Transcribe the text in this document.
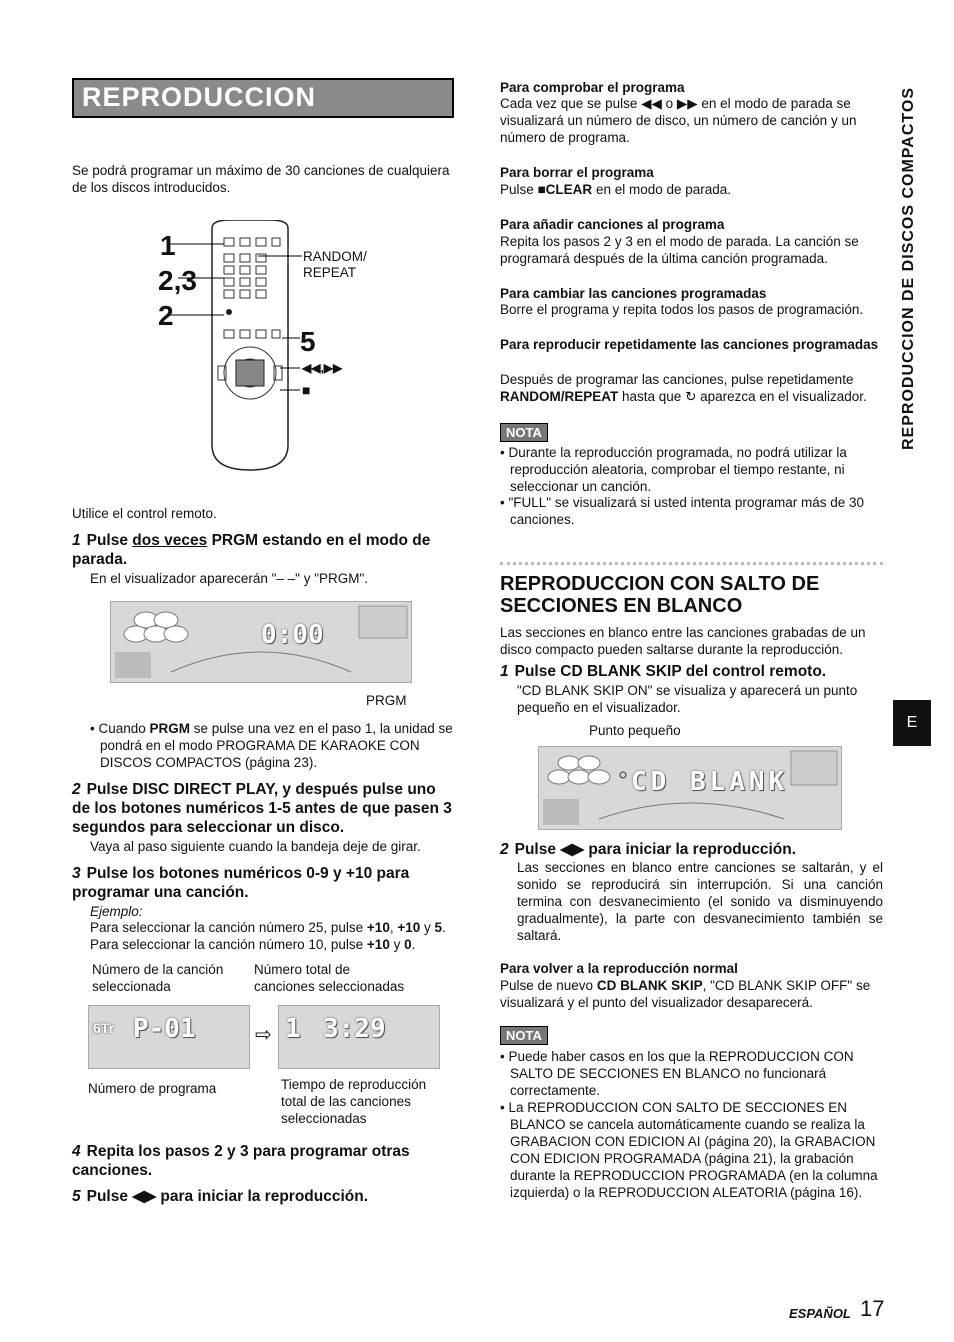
REPRODUCCION PROGRAMADA

Se podrá programar un máximo de 30 canciones de cualquiera de los discos introducidos.

1
2,3
2
5
RANDOM/
REPEAT
◀◀,▶▶
■

Utilice el control remoto.

1 Pulse dos veces PRGM estando en el modo de parada.

En el visualizador aparecerán "– –" y "PRGM".

0:00
PRGM

• Cuando PRGM se pulse una vez en el paso 1, la unidad se pondrá en el modo PROGRAMA DE KARAOKE CON DISCOS COMPACTOS (página 23).

2 Pulse DISC DIRECT PLAY, y después pulse uno de los botones numéricos 1-5 antes de que pasen 3 segundos para seleccionar un disco.

Vaya al paso siguiente cuando la bandeja deje de girar.

3 Pulse los botones numéricos 0-9 y +10 para programar una canción.

Ejemplo:

Para seleccionar la canción número 25, pulse +10, +10 y 5.

Para seleccionar la canción número 10, pulse +10 y 0.

Número de la canción
seleccionada
Número total de
canciones seleccionadas
6Tr P-01	⇨ 1 3:29
Número de programa	Tiempo de reproducción
total de las canciones
seleccionadas

4 Repita los pasos 2 y 3 para programar otras canciones.

5 Pulse ◀▶ para iniciar la reproducción.

Para comprobar el programa

Cada vez que se pulse ◀◀ o ▶▶ en el modo de parada se visualizará un número de disco, un número de canción y un número de programa.

Para borrar el programa

Pulse ■CLEAR en el modo de parada.

Para añadir canciones al programa

Repita los pasos 2 y 3 en el modo de parada. La canción se programará después de la última canción programada.

Para cambiar las canciones programadas

Borre el programa y repita todos los pasos de programación.

Para reproducir repetidamente las canciones programadas

Después de programar las canciones, pulse repetidamente RANDOM/REPEAT hasta que ↻ aparezca en el visualizador.

NOTA

• Durante la reproducción programada, no podrá utilizar la reproducción aleatoria, comprobar el tiempo restante, ni seleccionar un canción.

• "FULL" se visualizará si usted intenta programar más de 30 canciones.

REPRODUCCION CON SALTO DE
SECCIONES EN BLANCO

Las secciones en blanco entre las canciones grabadas de un disco compacto pueden saltarse durante la reproducción.

1 Pulse CD BLANK SKIP del control remoto.

"CD BLANK SKIP ON" se visualiza y aparecerá un punto pequeño en el visualizador.

Punto pequeño
CD BLANK

2 Pulse ◀▶ para iniciar la reproducción.

Las secciones en blanco entre canciones se saltarán, y el sonido se reproducirá sin interrupción. Si una canción termina con desvanecimiento (el sonido va disminuyendo gradualmente), la parte con desvanecimiento también se saltará.

Para volver a la reproducción normal

Pulse de nuevo CD BLANK SKIP, "CD BLANK SKIP OFF" se visualizará y el punto del visualizador desaparecerá.

NOTA

• Puede haber casos en los que la REPRODUCCION CON SALTO DE SECCIONES EN BLANCO no funcionará correctamente.

• La REPRODUCCION CON SALTO DE SECCIONES EN BLANCO se cancela automáticamente cuando se realiza la GRABACION CON EDICION AI (página 20), la GRABACION CON EDICION PROGRAMADA (página 21), la grabación durante la REPRODUCCION PROGRAMADA (en la columna izquierda) o la REPRODUCCION ALEATORIA (página 16).

REPRODUCCION DE DISCOS COMPACTOS
E
ESPAÑOL 17
